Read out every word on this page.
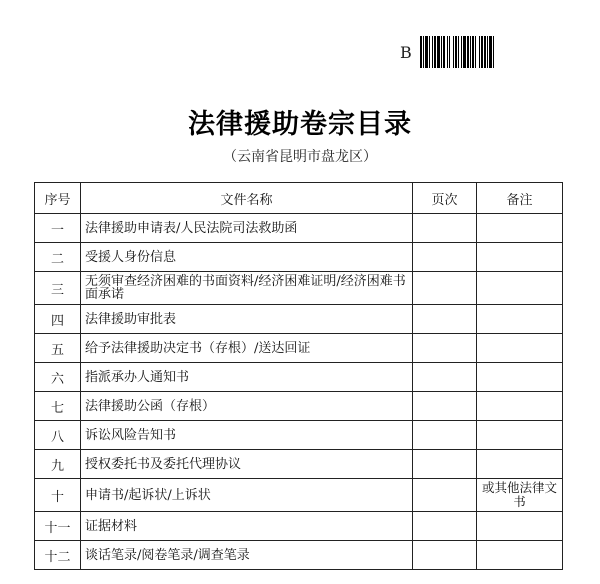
B
法律援助卷宗目录
（云南省昆明市盘龙区）
序号	文件名称	页次	备注
一	法律援助申请表/人民法院司法救助函		
二	受援人身份信息		
三	无须审查经济困难的书面资料/经济困难证明/经济困难书面承诺		
四	法律援助审批表		
五	给予法律援助决定书（存根）/送达回证		
六	指派承办人通知书		
七	法律援助公函（存根）		
八	诉讼风险告知书		
九	授权委托书及委托代理协议		
十	申请书/起诉状/上诉状		或其他法律文书
十一	证据材料		
十二	谈话笔录/阅卷笔录/调查笔录		
